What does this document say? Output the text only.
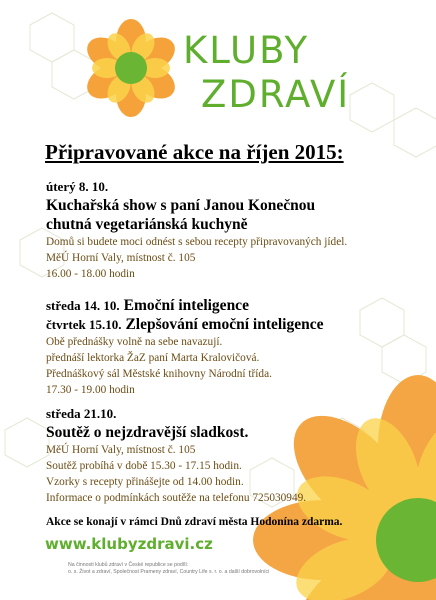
KLUBY
ZDRAVÍ
Připravované akce na říjen 2015:
úterý 8. 10.
Kuchařská show s paní Janou Konečnou
chutná vegetariánská kuchyně
Domů si budete moci odnést s sebou recepty připravovaných jídel.
MěÚ Horní Valy, místnost č. 105
16.00 - 18.00 hodin
středa 14. 10. Emoční inteligence
čtvrtek 15.10. Zlepšování emoční inteligence
Obě přednášky volně na sebe navazují.
přednáší lektorka ŽaZ paní Marta Kralovičová.
Přednáškový sál Městské knihovny Národní třída.
17.30 - 19.00 hodin
středa 21.10.
Soutěž o nejzdravější sladkost.
MěÚ Horní Valy, místnost č. 105
Soutěž probíhá v době 15.30 - 17.15 hodin.
Vzorky s recepty přinášejte od 14.00 hodin.
Informace o podmínkách soutěže na telefonu 725030949.
Akce se konají v rámci Dnů zdraví města Hodonína zdarma.
www.klubyzdravi.cz
Na činnosti klubů zdraví v České republice se podílí:
o. s. Život a zdraví, Společnost Prameny zdraví, Country Life s. r. o. a další dobrovolníci
